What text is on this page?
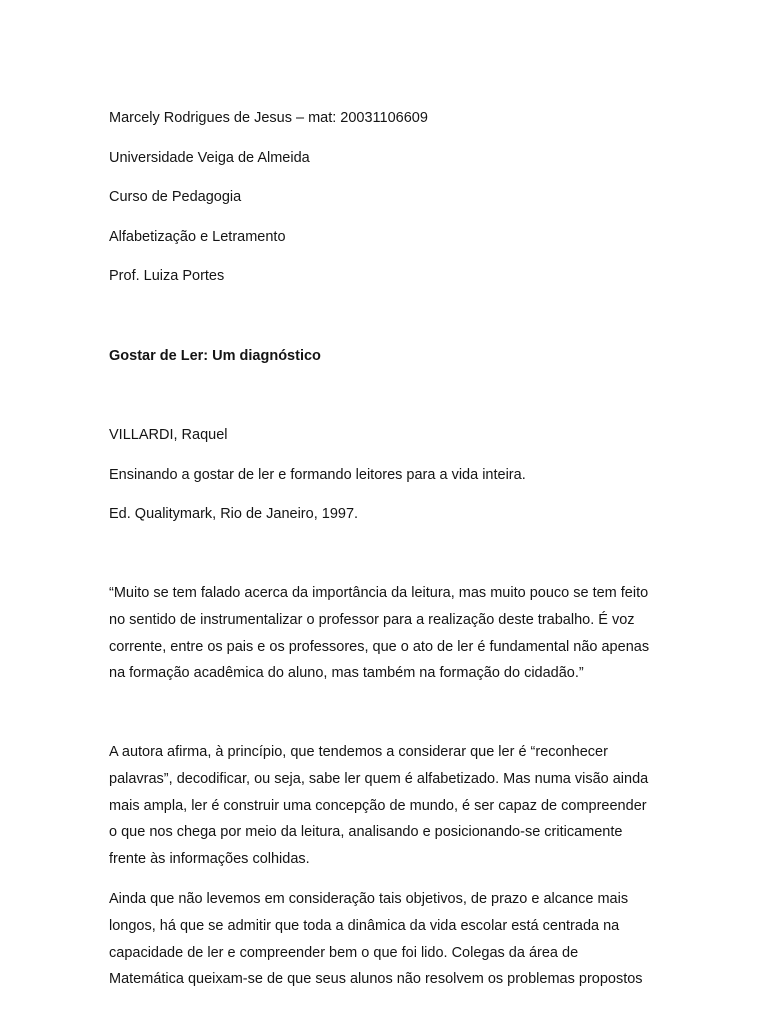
Marcely Rodrigues de Jesus – mat: 20031106609

Universidade Veiga de Almeida

Curso de Pedagogia

Alfabetização e Letramento

Prof. Luiza Portes

Gostar de Ler: Um diagnóstico

VILLARDI, Raquel

Ensinando a gostar de ler e formando leitores para a vida inteira.

Ed. Qualitymark, Rio de Janeiro, 1997.

“Muito se tem falado acerca da importância da leitura, mas muito pouco se tem feito
no sentido de instrumentalizar o professor para a realização deste trabalho. É voz
corrente, entre os pais e os professores, que o ato de ler é fundamental não apenas
na formação acadêmica do aluno, mas também na formação do cidadão.”
A autora afirma, à princípio, que tendemos a considerar que ler é “reconhecer
palavras”, decodificar, ou seja, sabe ler quem é alfabetizado. Mas numa visão ainda
mais ampla, ler é construir uma concepção de mundo, é ser capaz de compreender
o que nos chega por meio da leitura, analisando e posicionando-se criticamente
frente às informações colhidas.
Ainda que não levemos em consideração tais objetivos, de prazo e alcance mais
longos, há que se admitir que toda a dinâmica da vida escolar está centrada na
capacidade de ler e compreender bem o que foi lido. Colegas da área de
Matemática queixam-se de que seus alunos não resolvem os problemas propostos
